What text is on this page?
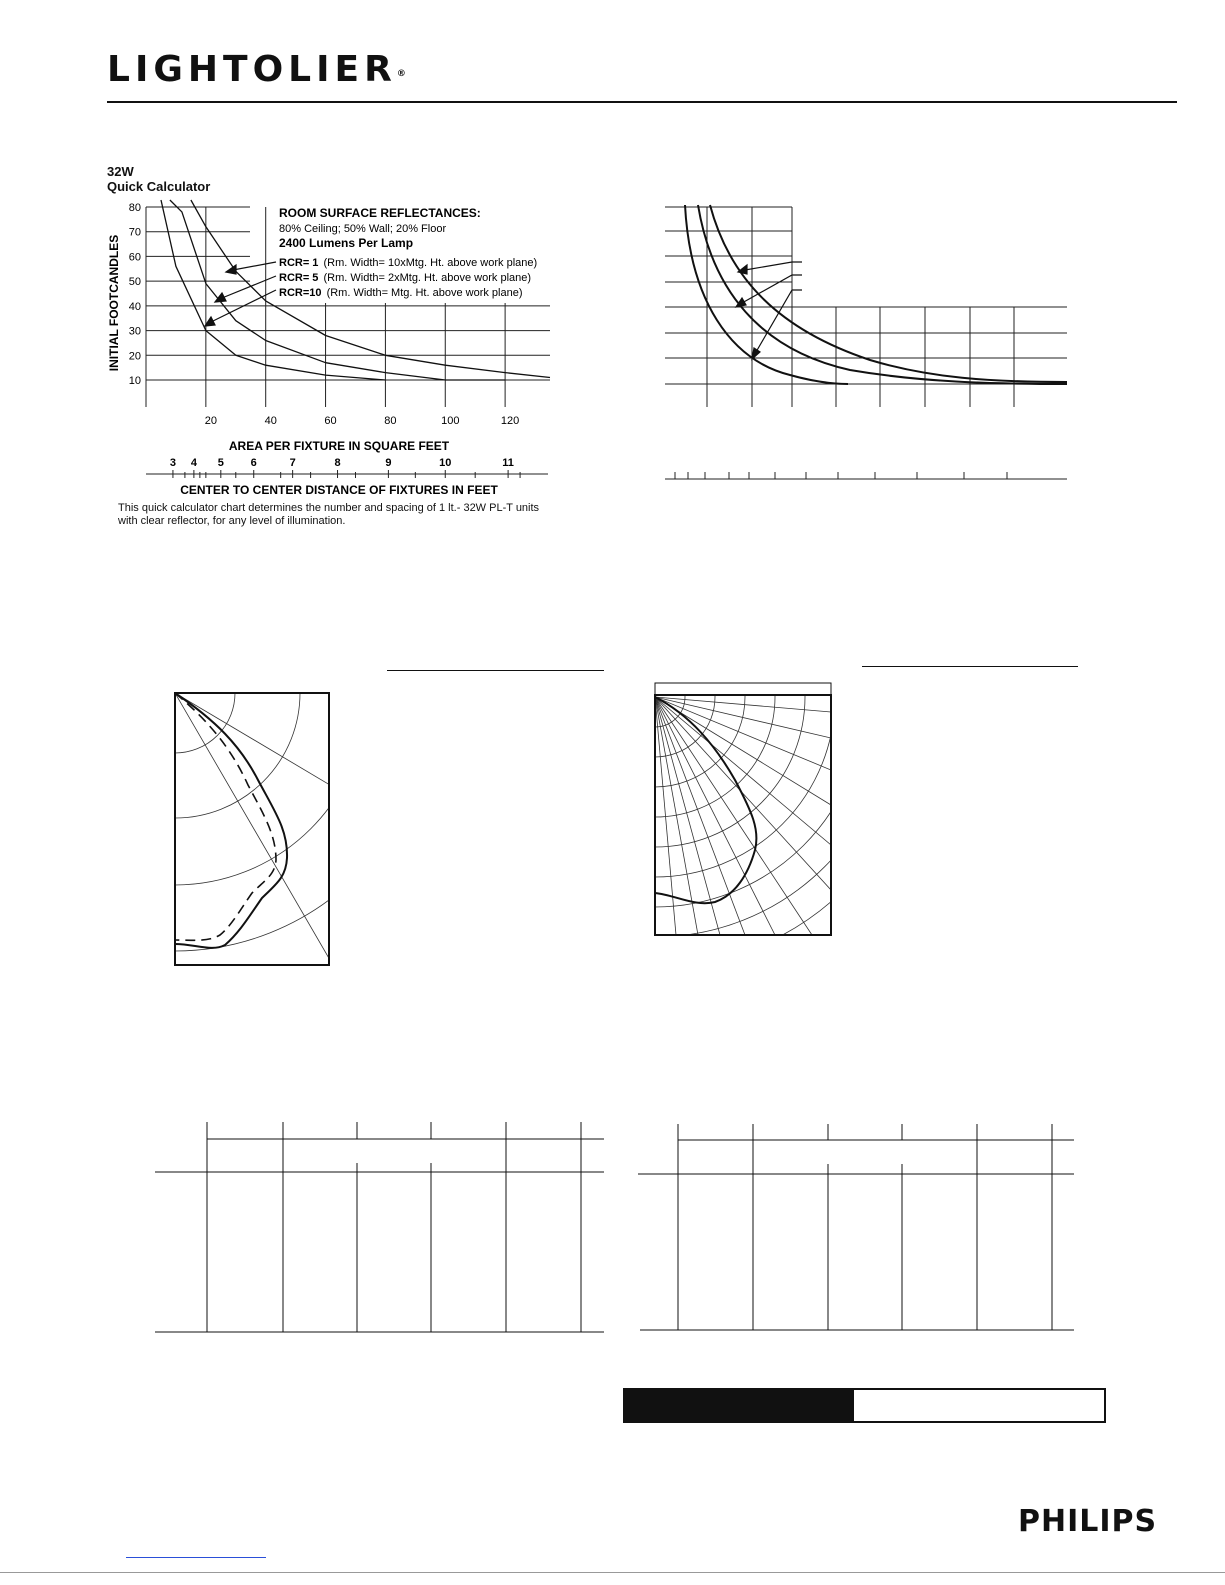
LIGHTOLIER®
32W
Quick Calculator
80
70
60
50
40
30
20
10
20	40	60	80	100	120
INITIAL FOOTCANDLES
AREA PER FIXTURE IN SQUARE FEET
3 4 5 6	7	8	9	10	11
CENTER TO CENTER DISTANCE OF FIXTURES IN FEET
ROOM SURFACE REFLECTANCES:
80% Ceiling; 50% Wall; 20% Floor
2400 Lumens Per Lamp
RCR= 1 (Rm. Width= 10xMtg. Ht. above work plane)
RCR= 5 (Rm. Width= 2xMtg. Ht. above work plane)
RCR=10 (Rm. Width= Mtg. Ht. above work plane)
This quick calculator chart determines the number and spacing of 1 lt.- 32W PL-T units
with clear reflector, for any level of illumination.
PHILIPS
